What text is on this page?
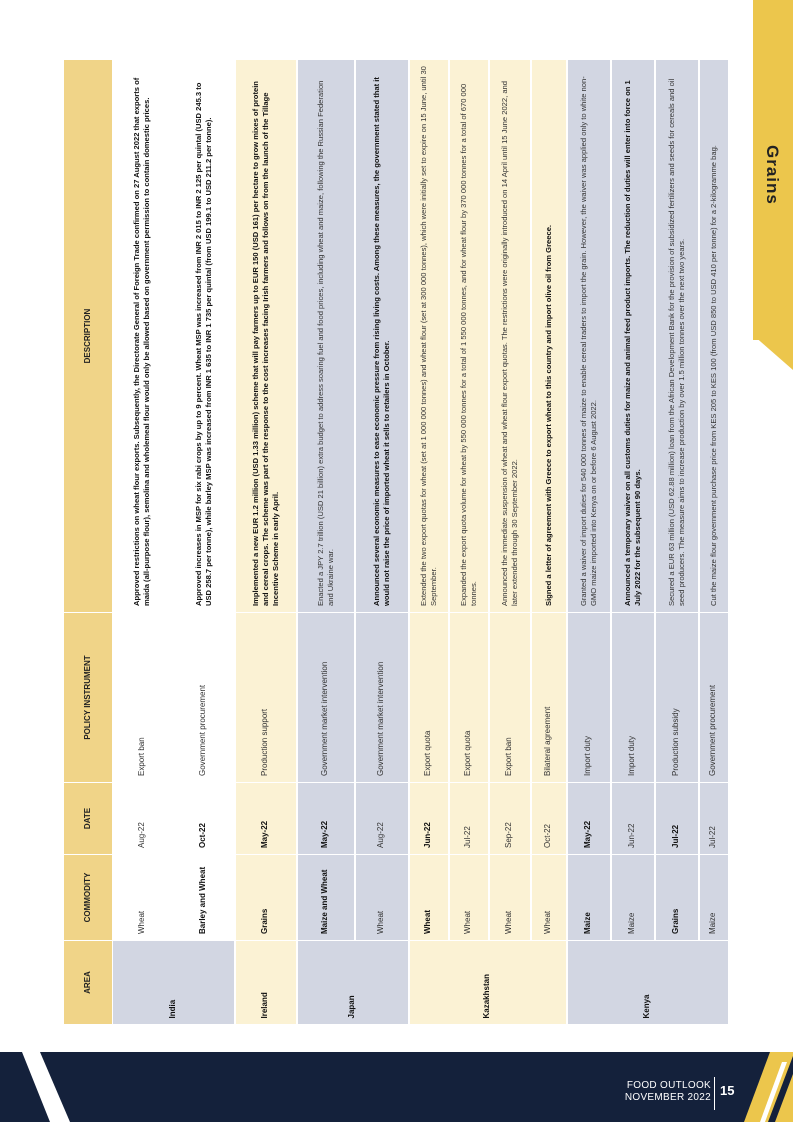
Grains
AREA	COMMODITY	DATE	POLICY INSTRUMENT	DESCRIPTION
India	Wheat	Aug-22	Export ban	Approved restrictions on wheat flour exports. Subsequently, the Directorate General of Foreign Trade confirmed on 27 August 2022 that exports of maida (all-purpose flour), semolina and wholemeal flour would only be allowed based on government permission to contain domestic prices.
	Barley and Wheat	Oct-22	Government procurement	Approved increases in MSP for six rabi crops by up to 9 percent. Wheat MSP was increased from INR 2 015 to INR 2 125 per quintal (USD 245.3 to USD 258.7 per tonne), while barley MSP was increased from INR 1 635 to INR 1 735 per quintal (from USD 199.1 to USD 211.2 per tonne).
Ireland	Grains	May-22	Production support	Implemented a new EUR 1.2 million (USD 1.33 million) scheme that will pay farmers up to EUR 150 (USD 161) per hectare to grow mixes of protein and cereal crops. The scheme was part of the response to the cost increases facing Irish farmers and follows on from the launch of the Tillage Incentive Scheme in early April.
Japan	Maize and Wheat	May-22	Government market intervention	Enacted a JPY 2.7 trillion (USD 21 billion) extra budget to address soaring fuel and food prices, including wheat and maize, following the Russian Federation and Ukraine war.
	Wheat	Aug-22	Government market intervention	Announced several economic measures to ease economic pressure from rising living costs. Among these measures, the government stated that it would not raise the price of imported wheat it sells to retailers in October.
Kazakhstan	Wheat	Jun-22	Export quota	Extended the two export quotas for wheat (set at 1 000 000 tonnes) and wheat flour (set at 300 000 tonnes), which were initially set to expire on 15 June, until 30 September.
	Wheat	Jul-22	Export quota	Expanded the export quota volume for wheat by 550 000 tonnes for a total of 1 550 000 tonnes, and for wheat flour by 370 000 tonnes for a total of 670 000 tonnes.
	Wheat	Sep-22	Export ban	Announced the immediate suspension of wheat and wheat flour export quotas. The restrictions were originally introduced on 14 April until 15 June 2022, and later extended through 30 September 2022.
	Wheat	Oct-22	Bilateral agreement	Signed a letter of agreement with Greece to export wheat to this country and import olive oil from Greece.
Kenya	Maize	May-22	Import duty	Granted a waiver of import duties for 540 000 tonnes of maize to enable cereal traders to import the grain. However, the waiver was applied only to white non-GMO maize imported into Kenya on or before 6 August 2022.
	Maize	Jun-22	Import duty	Announced a temporary waiver on all customs duties for maize and animal feed product imports. The reduction of duties will enter into force on 1 July 2022 for the subsequent 90 days.
	Grains	Jul-22	Production subsidy	Secured a EUR 63 million (USD 62.88 million) loan from the African Development Bank for the provision of subsidized fertilizers and seeds for cereals and oil seed producers. The measure aims to increase production by over 1.5 million tonnes over the next two years.
	Maize	Jul-22	Government procurement	Cut the maize flour government purchase price from KES 205 to KES 100 (from USD 850 to USD 410 per tonne) for a 2-kilogramme bag.
FOOD OUTLOOK
NOVEMBER 2022 15
